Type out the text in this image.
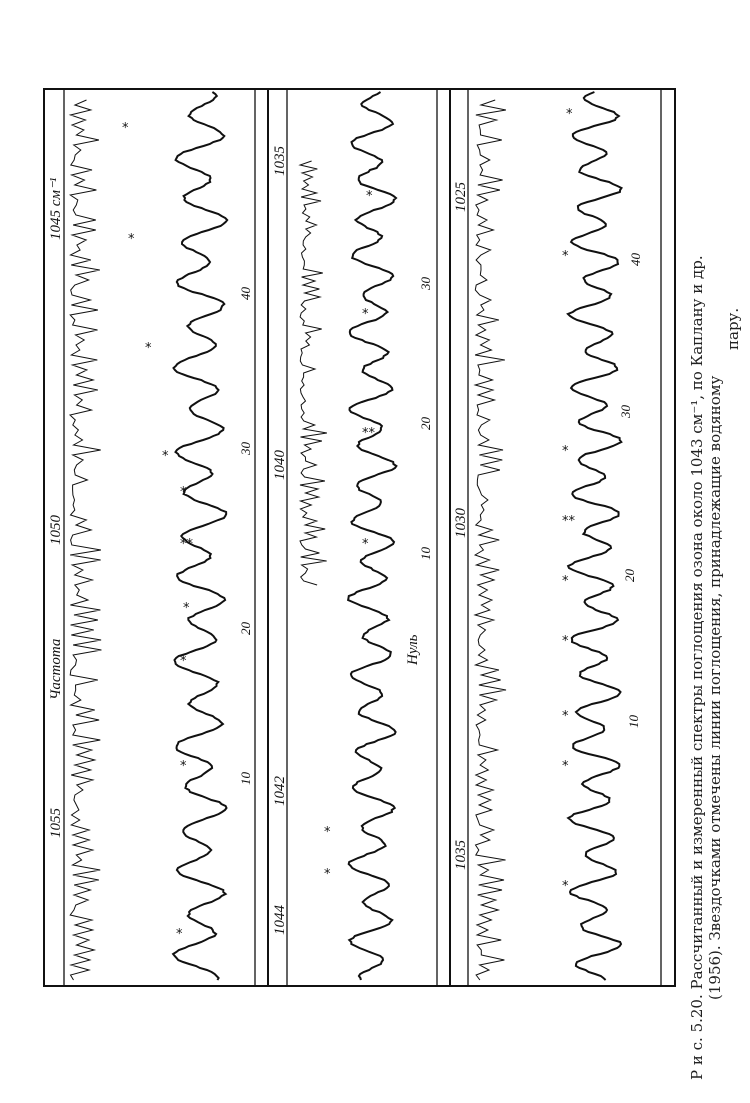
1055
Частота
1050
1045 см⁻¹
10
20
30
40
*
*
*
*
**
*
*
*
*
*
1044
1042
1040
1035
10
20
30
Нуль
*
*
**
*
*
*
1035
1030
1025
10
20
30
40
*
*
*
*
*
**
*
*
*
Р и с. 5.20. Рассчитанный и измеренный спектры поглощения озона около 1043 см⁻¹, по Каплану и др. (1956). Звездочками отмечены линии поглощения, принадлежащие водяному
пару.
